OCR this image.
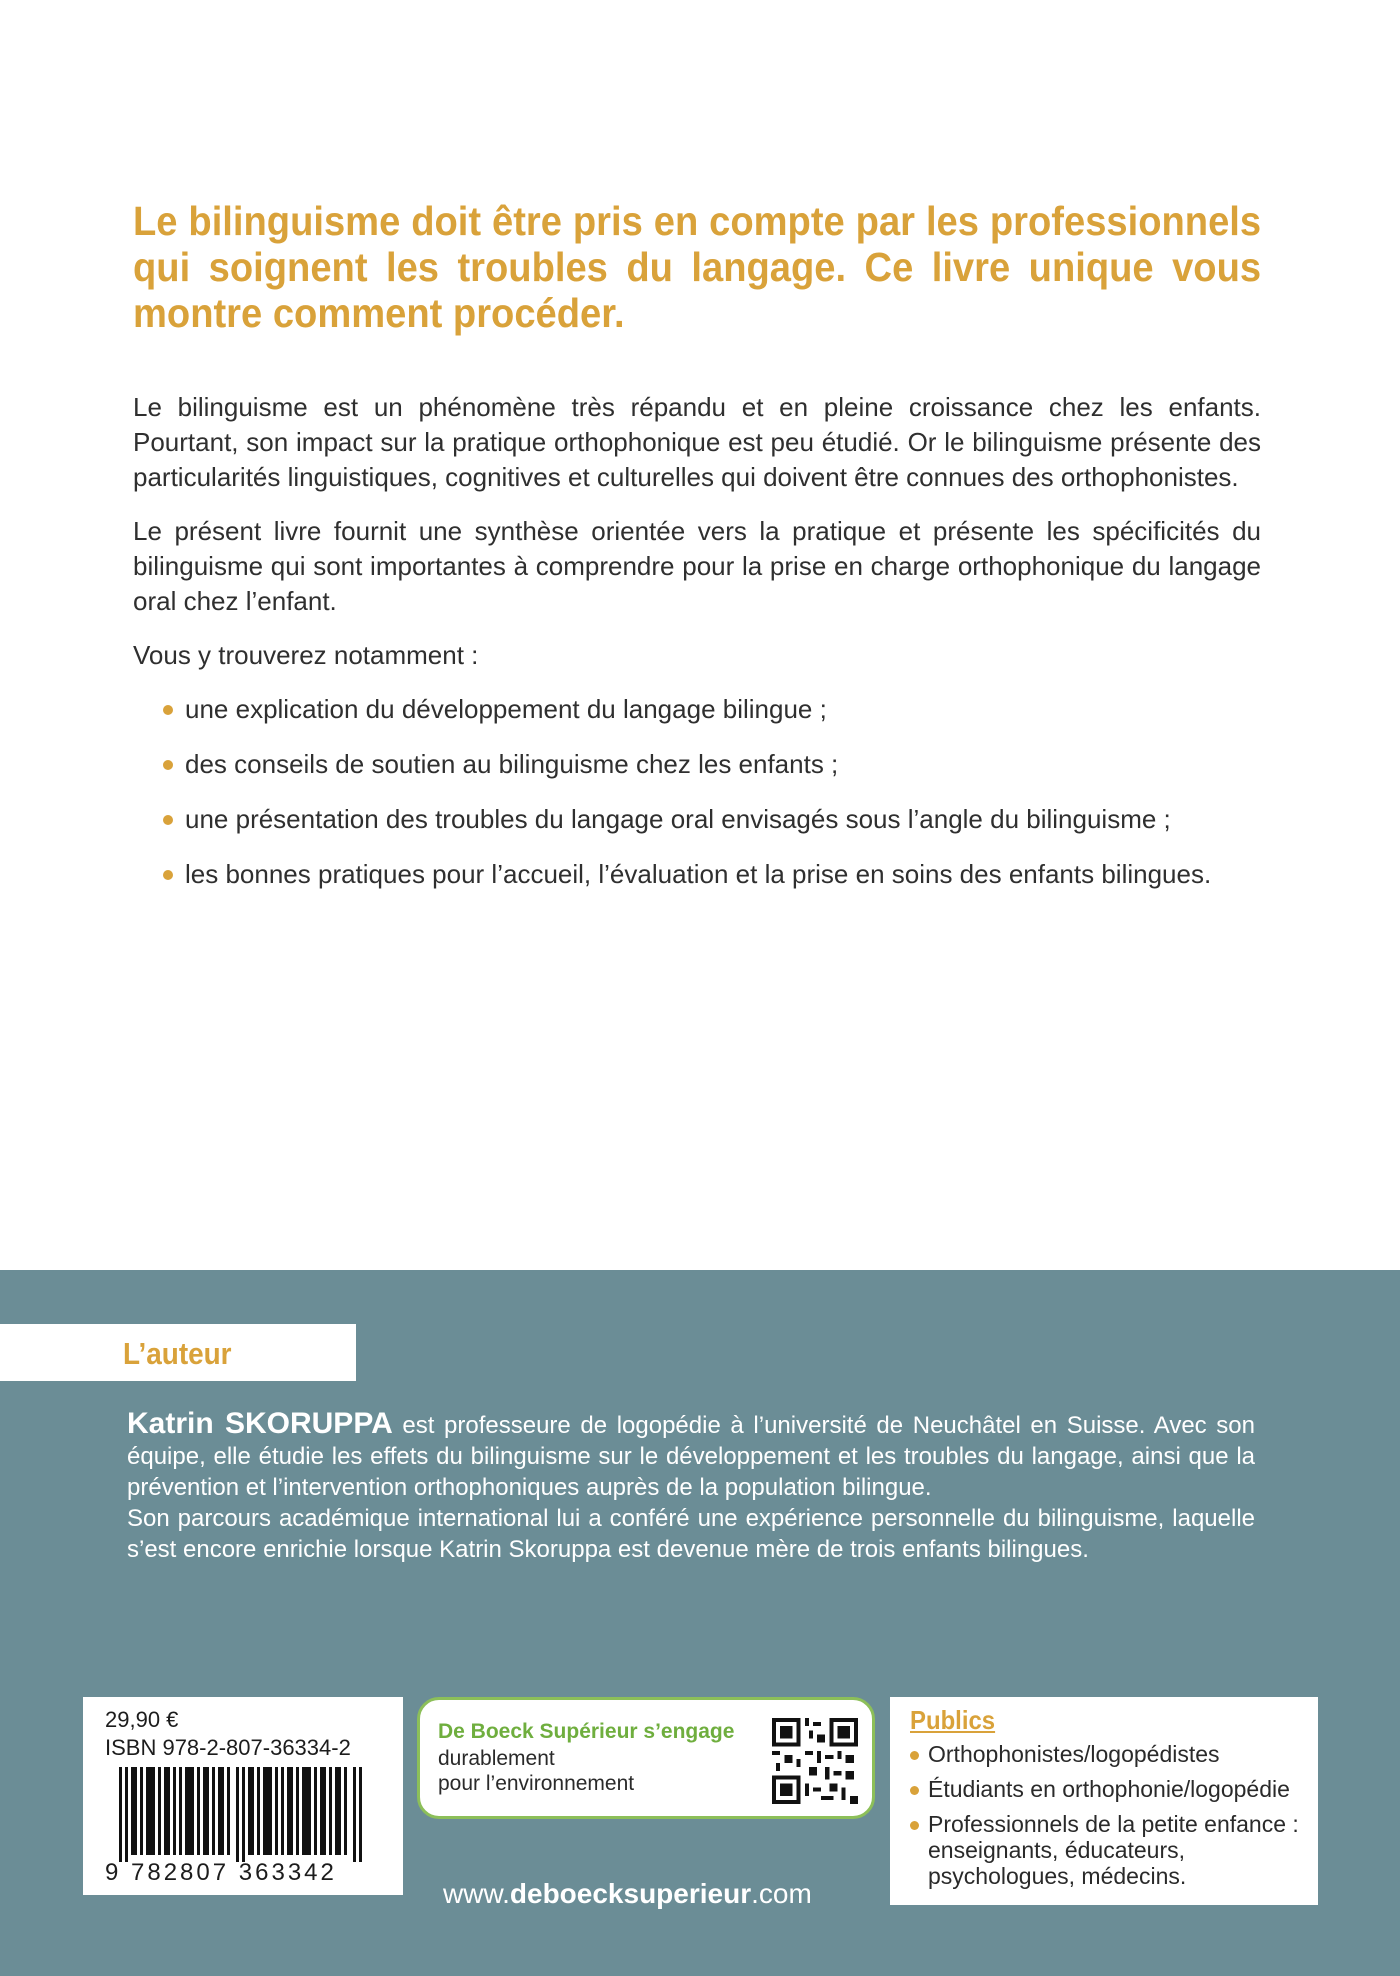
Le bilinguisme doit être pris en compte par les professionnels qui soignent les troubles du langage. Ce livre unique vous montre comment procéder.

Le bilinguisme est un phénomène très répandu et en pleine croissance chez les enfants. Pourtant, son impact sur la pratique orthophonique est peu étudié. Or le bilinguisme présente des particularités linguistiques, cognitives et culturelles qui doivent être connues des orthophonistes.

Le présent livre fournit une synthèse orientée vers la pratique et présente les spécificités du bilinguisme qui sont importantes à comprendre pour la prise en charge orthophonique du langage oral chez l’enfant.

Vous y trouverez notamment :

une explication du développement du langage bilingue ;
des conseils de soutien au bilinguisme chez les enfants ;
une présentation des troubles du langage oral envisagés sous l’angle du bilinguisme ;
les bonnes pratiques pour l’accueil, l’évaluation et la prise en soins des enfants bilingues.
L’auteur

Katrin SKORUPPA est professeure de logopédie à l’université de Neuchâtel en Suisse. Avec son équipe, elle étudie les effets du bilinguisme sur le développement et les troubles du langage, ainsi que la prévention et l’intervention orthophoniques auprès de la population bilingue.

Son parcours académique international lui a conféré une expérience personnelle du bilinguisme, laquelle s’est encore enrichie lorsque Katrin Skoruppa est devenue mère de trois enfants bilingues.

29,90 €
ISBN 978-2-807-36334-2
9 782807 363342
De Boeck Supérieur s’engage
durablement
pour l’environnement
www.deboecksuperieur.com
Publics
Orthophonistes/logopédistes
Étudiants en orthophonie/logopédie
Professionnels de la petite enfance : enseignants, éducateurs, psychologues, médecins.
